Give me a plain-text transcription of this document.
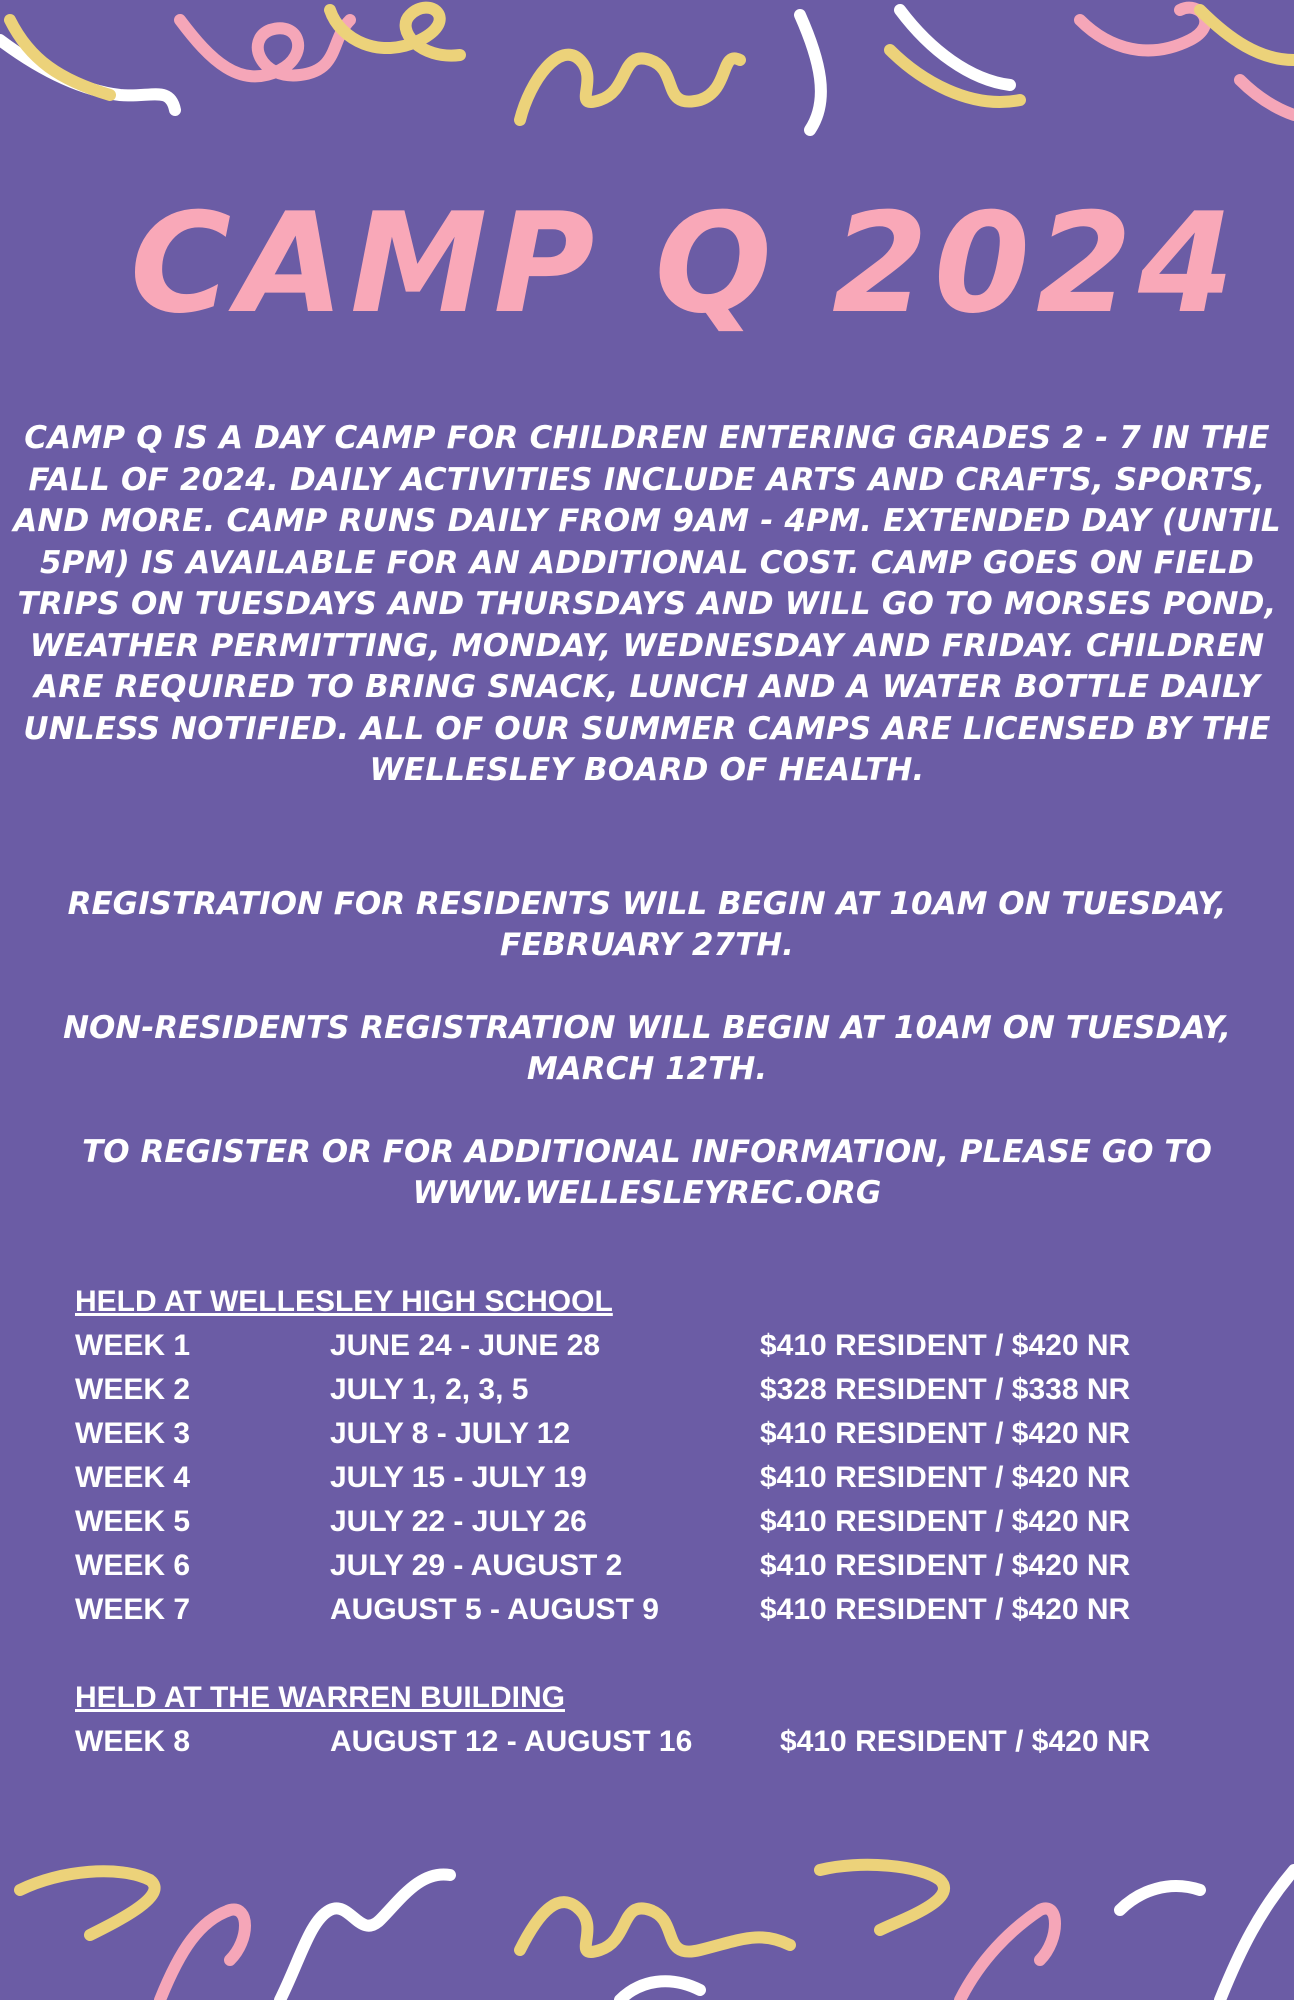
CAMP Q 2024
CAMP Q IS A DAY CAMP FOR CHILDREN ENTERING GRADES 2 - 7 IN THE FALL OF 2024. DAILY ACTIVITIES INCLUDE ARTS AND CRAFTS, SPORTS, AND MORE. CAMP RUNS DAILY FROM 9AM - 4PM. EXTENDED DAY (UNTIL 5PM) IS AVAILABLE FOR AN ADDITIONAL COST. CAMP GOES ON FIELD TRIPS ON TUESDAYS AND THURSDAYS AND WILL GO TO MORSES POND, WEATHER PERMITTING, MONDAY, WEDNESDAY AND FRIDAY. CHILDREN ARE REQUIRED TO BRING SNACK, LUNCH AND A WATER BOTTLE DAILY UNLESS NOTIFIED. ALL OF OUR SUMMER CAMPS ARE LICENSED BY THE WELLESLEY BOARD OF HEALTH.
REGISTRATION FOR RESIDENTS WILL BEGIN AT 10AM ON TUESDAY, FEBRUARY 27TH.
NON-RESIDENTS REGISTRATION WILL BEGIN AT 10AM ON TUESDAY, MARCH 12TH.
TO REGISTER OR FOR ADDITIONAL INFORMATION, PLEASE GO TO WWW.WELLESLEYREC.ORG
HELD AT WELLESLEY HIGH SCHOOL
WEEK 1	JUNE 24 - JUNE 28	$410 RESIDENT / $420 NR
WEEK 2	JULY 1, 2, 3, 5	$328 RESIDENT / $338 NR
WEEK 3	JULY 8 - JULY 12	$410 RESIDENT / $420 NR
WEEK 4	JULY 15 - JULY 19	$410 RESIDENT / $420 NR
WEEK 5	JULY 22 - JULY 26	$410 RESIDENT / $420 NR
WEEK 6	JULY 29 - AUGUST 2	$410 RESIDENT / $420 NR
WEEK 7	AUGUST 5 - AUGUST 9	$410 RESIDENT / $420 NR
HELD AT THE WARREN BUILDING
WEEK 8	AUGUST 12 - AUGUST 16	$410 RESIDENT / $420 NR
